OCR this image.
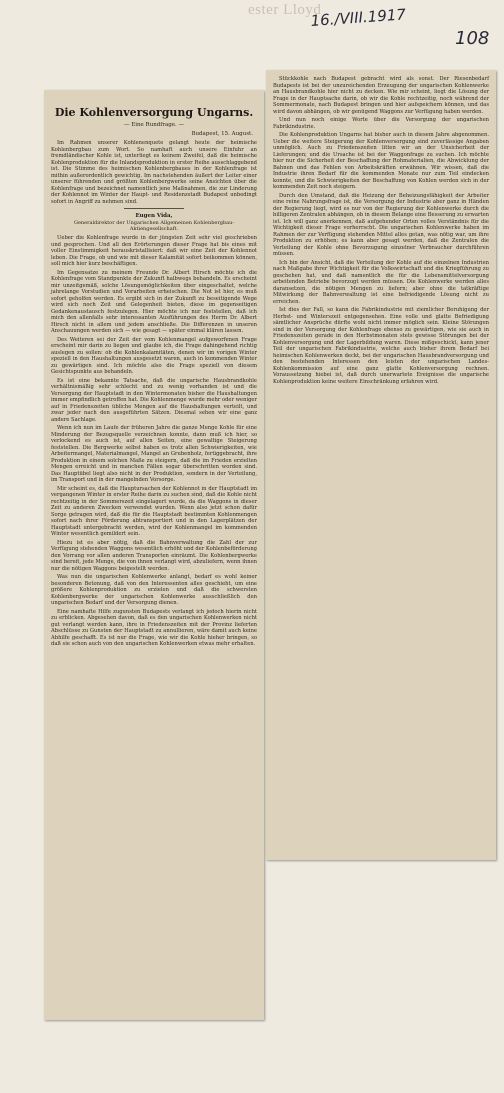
ester Lloyd
16./VIII.1917
108
Die Kohlenversorgung Ungarns.
— Eine Rundfrage. —
Budapest, 15. August.

Im Rahmen unserer Kohlenenquete gelangt heute der heimische Kohlenbergbau zum Wort. So namhaft auch unsere Einfuhr an fremdländischer Kohle ist, unterliegt es keinem Zweifel, daß die heimische Kohlenproduktion für die Inlandsproduktion in erster Reihe ausschlaggebend ist. Die Stimme des heimischen Kohlenbergbaues in der Kohlenfrage ist mithin außerordentlich gewichtig. Im nachstehenden äußert der Leiter einer unserer führenden und größten Kohlenbergwerke seine Ansichten über die Kohlenfrage und bezeichnet namentlich jene Maßnahmen, die zur Linderung der Kohlennot im Winter der Haupt- und Residenzstadt Budapest unbedingt sofort in Angriff zu nehmen sind.

Eugen Vida,
Generaldirektor der Ungarischen Allgemeinen Kohlenbergbau-Aktiengesellschaft.

Ueber die Kohlenfrage wurde in der jüngsten Zeit sehr viel geschrieben und gesprochen. Und all den Erörterungen dieser Frage hat bis eines mit voller Einstimmigkeit herauskristallisiert: daß wir eine Zeit der Kohlennot leben. Die Frage, ob und wie mit dieser Kalamität sofort beikommen können, soll mich hier kurz beschäftigen.

Im Gegensatze zu meinem Freunde Dr. Albert Hirsch möchte ich die Kohlenfrage vom Standpunkte der Zukunft halbwegs behandeln. Es erscheint mir unzeitgemäß, solche Lösungsmöglichkeiten über eingeschaltet, welche jahrelange Vorstudien und Vorarbeiten erheischen. Die Not ist hier, es muß sofort geholfen werden. Es ergibt sich in der Zukunft zu beseitigende Wege wird sich noch Zeit und Gelegenheit bieten, diese im gegenseitigen Gedankenaustausch festzulegen. Hier möchte ich nur feststellen, daß ich mich den allenfalls sehr interessanten Ausführungen des Herrn Dr. Albert Hirsch nicht in allem und jedem anschließe. Die Differenzen in unseren Anschauungen werden sich — wie gesagt — später einmal klären lassen.

Des Weiteren sei der Zeit der vom Kohlenmangel aufgeworfenen Frage erscheint mir darin zu liegen und glaube ich, die Frage dahingehend richtig auslegen zu sollen: ob die Kohlenkalamitäten, denen wir im vorigen Winter speziell in den Haushaltungen ausgesetzt waren, auch in kommenden Winter zu gewärtigen sind. Ich möchte also die Frage speziell von diesem Gesichtspunkte aus behandeln.

Es ist eine bekannte Tatsache, daß die ungarische Hausbrandkohle verhältnismäßig sehr schlecht und zu wenig vorhanden ist und die Versorgung der Hauptstadt in den Wintermonaten bisher die Haushaltungen immer empfindlich getroffen hat. Die Kohlenmenge wurde mehr oder weniger auf in Friedenszeiten übliche Mengen auf die Haushaltungen verteilt, und zwar jeder nach den ausgeführten Sätzen. Diesmal sehen wir eine ganz andere Sachlage.

Wenn ich nun im Laufe der früheren Jahre die ganze Menge Kohle für eine Minderung der Bezugsquelle verzeichnen konnte, dann muß ich hier, so verlockend es auch ist, auf allen Seiten, eine gewaltige Steigerung feststellen. Die Bergwerke selbst haben es trotz allen Schwierigkeiten, wie Arbeitermangel, Materialmangel, Mangel an Grubenholz, fertiggebracht, ihre Produktion in einem solchen Maße zu steigern, daß die im Frieden erzielten Mengen erreicht und in manchen Fällen sogar überschritten worden sind. Das Hauptübel liegt also nicht in der Produktion, sondern in der Verteilung, im Transport und in der mangelnden Vorsorge.

Mir scheint es, daß die Hauptursachen der Kohlennot in der Hauptstadt im vergangenen Winter in erster Reihe darin zu suchen sind, daß die Kohle nicht rechtzeitig in der Sommerszeit eingelagert wurde, da die Waggons in dieser Zeit zu anderen Zwecken verwendet wurden. Wenn also jetzt schon dafür Sorge getragen wird, daß die für die Hauptstadt bestimmten Kohlenmengen sofort nach ihrer Förderung abtransportiert und in den Lagerplätzen der Hauptstadt untergebracht werden, wird der Kohlenmangel im kommenden Winter wesentlich gemildert sein.

Hiezu ist es aber nötig, daß die Bahnverwaltung die Zahl der zur Verfügung stehenden Waggons wesentlich erhöht und der Kohlenbeförderung den Vorrang vor allen anderen Transporten einräumt. Die Kohlenbergwerke sind bereit, jede Menge, die von ihnen verlangt wird, abzuliefern, wenn ihnen nur die nötigen Waggons beigestellt werden.

Was nun die ungarischen Kohlenwerke anlangt, bedarf es wohl keiner besonderen Betonung, daß von den Interessenten alles geschieht, um eine größere Kohlenproduktion zu erzielen und daß die schwersten Kohlenbergwerke der ungarischen Kohlenwerke ausschließlich den ungarischen Bedarf und der Versorgung dienen.

Eine namhafte Hilfe zugunsten Budapests verlangt ich jedoch hierin nicht zu erblicken. Abgesehen davon, daß es den ungarischen Kohlenwerken nicht gut verlangt werden kann, ihre in Friedenszeiten mit der Provinz lieferten Abschlüsse zu Gunsten der Hauptstadt zu annullieren, wäre damit auch keine Abhilfe geschafft. Es ist nur die Frage, wie wir die Kohle hieher bringen, so daß sie schon auch von den ungarischen Kohlenwerken etwas mehr erhalten.

Stückkohle nach Budapest gebracht wird als sonst. Der Riesenbedarf Budapests ist bei der unzureichenden Erzeugung der ungarischen Kohlenwerke an Hausbrandkohle hier nicht zu decken. Wie mir scheint, liegt die Lösung der Frage in der Hauptsache darin, ob wir die Kohle rechtzeitig, noch während der Sommermonate, nach Budapest bringen und hier aufspeichern können, und das wird davon abhängen, ob wir genügend Waggons zur Verfügung haben werden.

Und nun noch einige Worte über die Versorgung der ungarischen Fabrikindustrie.

Die Kohlenproduktion Ungarns hat bisher auch in diesem Jahre abgenommen. Ueber die weitere Steigerung der Kohlenversorgung sind zuverlässige Angaben unmöglich. Auch zu Friedenszeiten litten wir an der Unsicherheit der Lieferungen; und die Ursache ist bei der Waggonfrage zu suchen. Ich möchte hier nur die Sicherheit der Beschaffung der Rohmaterialien, die Abwicklung der Bahnen und das Fehlen von Arbeitskräften erwähnen. Wir wissen, daß die Industrie ihren Bedarf für die kommenden Monate nur zum Teil eindecken konnte, und die Schwierigkeiten der Beschaffung von Kohlen werden sich in der kommenden Zeit noch steigern.

Durch den Umstand, daß die Heizung der Beheizungsfähigkeit der Arbeiter eine reine Nahrungsfrage ist, die Versorgung der Industrie aber ganz in Händen der Regierung liegt, wird es nur von der Regierung der Kohlenwerke durch die billigeren Zentralen abhängen, ob in diesem Belange eine Besserung zu erwarten ist. Ich will ganz anerkennen, daß aufgehender Orten volles Verständnis für die Wichtigkeit dieser Frage vorherrscht. Die ungarischen Kohlenwerke haben im Rahmen der zur Verfügung stehenden Mittel alles getan, was nötig war, um ihre Produktion zu erhöhen; es kann aber gesagt werden, daß die Zentralen die Verteilung der Kohle ohne Bevorzugung einzelner Verbraucher durchführen müssen.

Ich bin der Ansicht, daß die Verteilung der Kohle auf die einzelnen Industrien nach Maßgabe ihrer Wichtigkeit für die Volkswirtschaft und die Kriegführung zu geschehen hat, und daß namentlich die für die Lebensmittelversorgung arbeitenden Betriebe bevorzugt werden müssen. Die Kohlenwerke werden alles daransetzen, die nötigen Mengen zu liefern; aber ohne die tatkräftige Mitwirkung der Bahnverwaltung ist eine befriedigende Lösung nicht zu erreichen.

Ist dies der Fall, so kann die Fabrikindustrie mit ziemlicher Beruhigung der Herbst- und Winterszeit entgegensehen. Eine volle und glatte Befriedigung sämtlicher Ansprüche dürfte wohl nicht immer möglich sein. Kleine Störungen sind in der Versorgung der Kohlenfrage ebenso zu gewärtigen, wie sie auch in Friedenszeiten gerade in den Herbstmonaten stets gewisse Störungen bei der Kohlenversorgung und der Lagerbildung waren. Diese mißgeschickt, kann jener Teil der ungarischen Fabrikindustrie, welche auch bisher ihrem Bedarf bei heimischen Kohlenwerken deckt, bei der ungarischen Hausbrandversorgung und den bestehenden Interessen den leisten der ungarischen Landes-Kohlenkommission auf eine ganz glatte Kohlenversorgung rechnen. Voraussetzung hiebei ist, daß durch unerwartete Ereignisse die ungarische Kohlenproduktion keine weitere Einschränkung erfahren wird.
